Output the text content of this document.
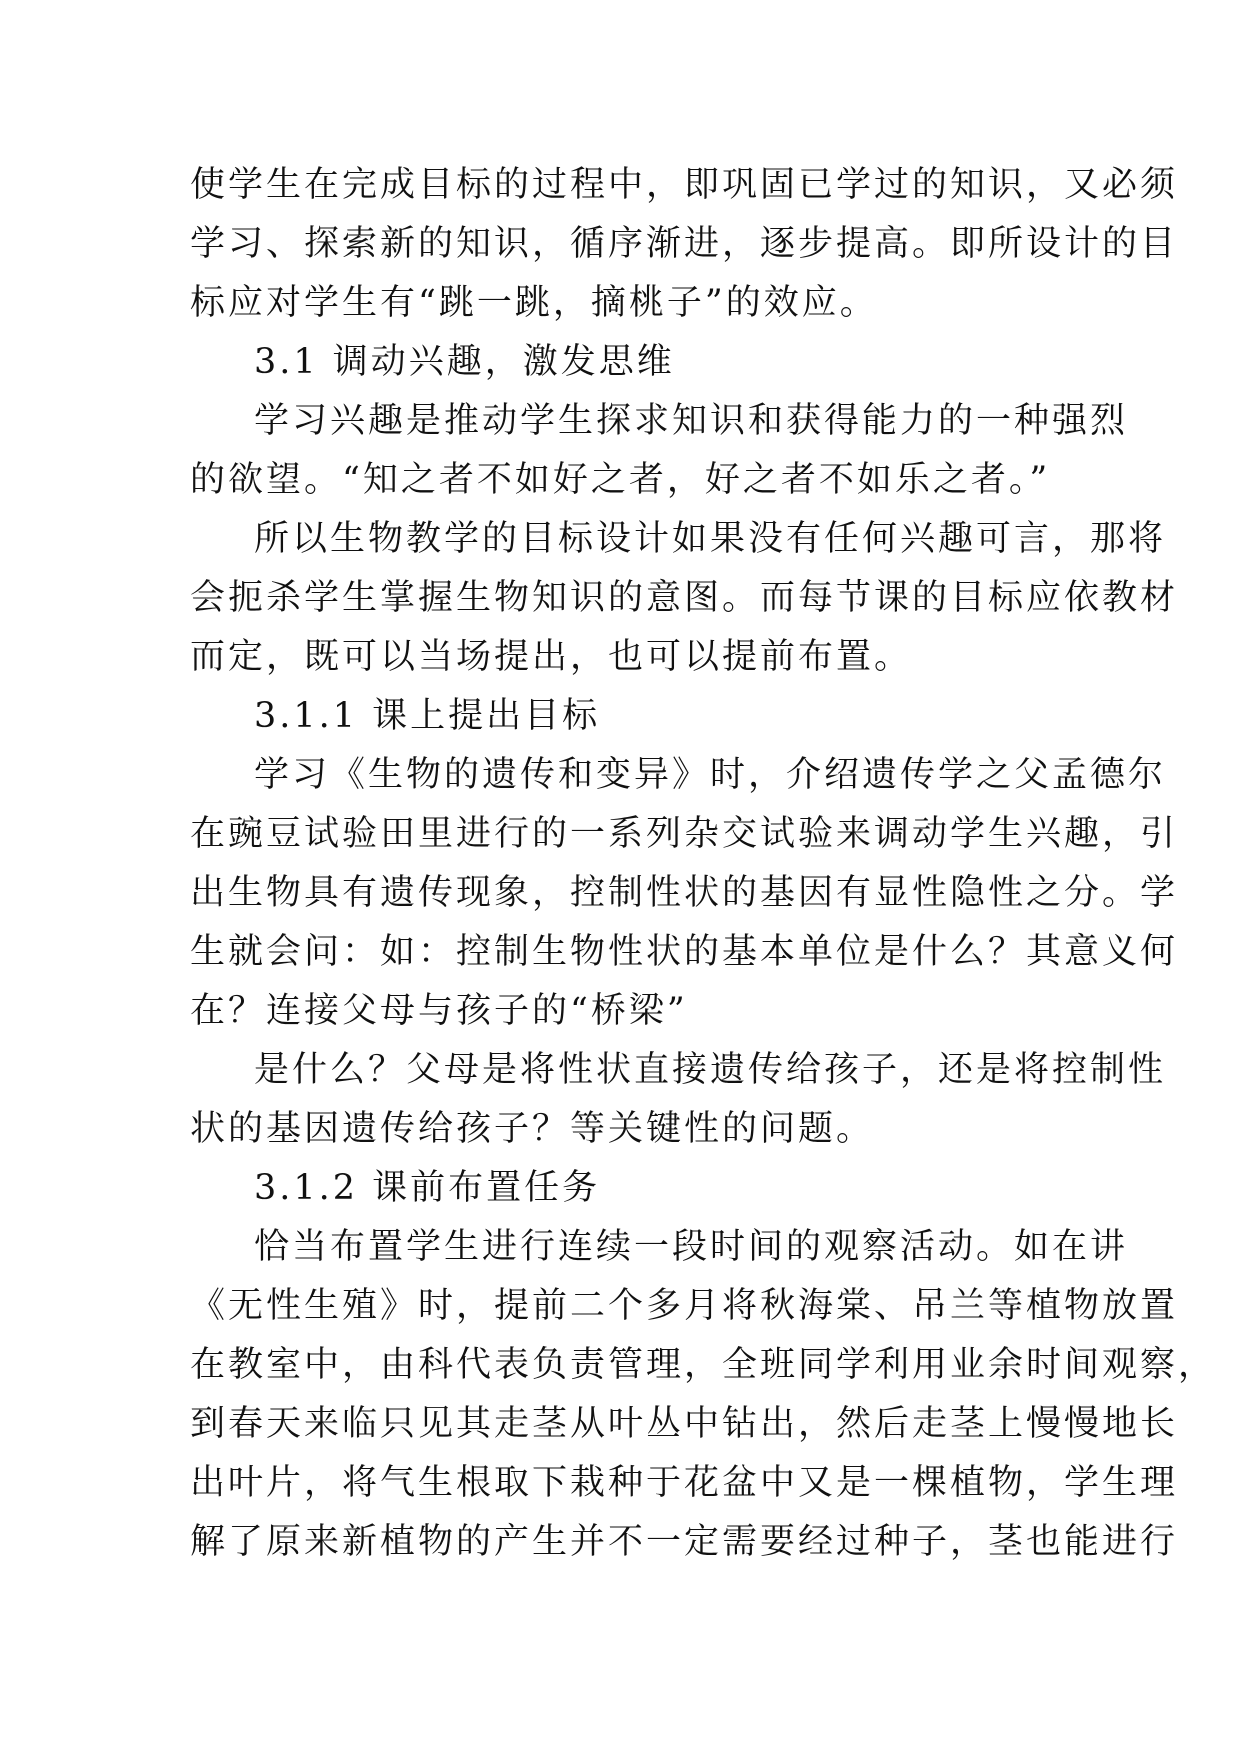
使学生在完成目标的过程中，即巩固已学过的知识，又必须
学习、探索新的知识，循序渐进，逐步提高。即所设计的目
标应对学生有“跳一跳，摘桃子”的效应。
3.1 调动兴趣，激发思维
学习兴趣是推动学生探求知识和获得能力的一种强烈
的欲望。“知之者不如好之者，好之者不如乐之者。”
所以生物教学的目标设计如果没有任何兴趣可言，那将
会扼杀学生掌握生物知识的意图。而每节课的目标应依教材
而定，既可以当场提出，也可以提前布置。
3.1.1 课上提出目标
学习《生物的遗传和变异》时，介绍遗传学之父孟德尔
在豌豆试验田里进行的一系列杂交试验来调动学生兴趣，引
出生物具有遗传现象，控制性状的基因有显性隐性之分。学
生就会问：如：控制生物性状的基本单位是什么？其意义何
在？连接父母与孩子的“桥梁”
是什么？父母是将性状直接遗传给孩子，还是将控制性
状的基因遗传给孩子？等关键性的问题。
3.1.2 课前布置任务
恰当布置学生进行连续一段时间的观察活动。如在讲
《无性生殖》时，提前二个多月将秋海棠、吊兰等植物放置
在教室中，由科代表负责管理，全班同学利用业余时间观察，
到春天来临只见其走茎从叶丛中钻出，然后走茎上慢慢地长
出叶片，将气生根取下栽种于花盆中又是一棵植物，学生理
解了原来新植物的产生并不一定需要经过种子，茎也能进行
